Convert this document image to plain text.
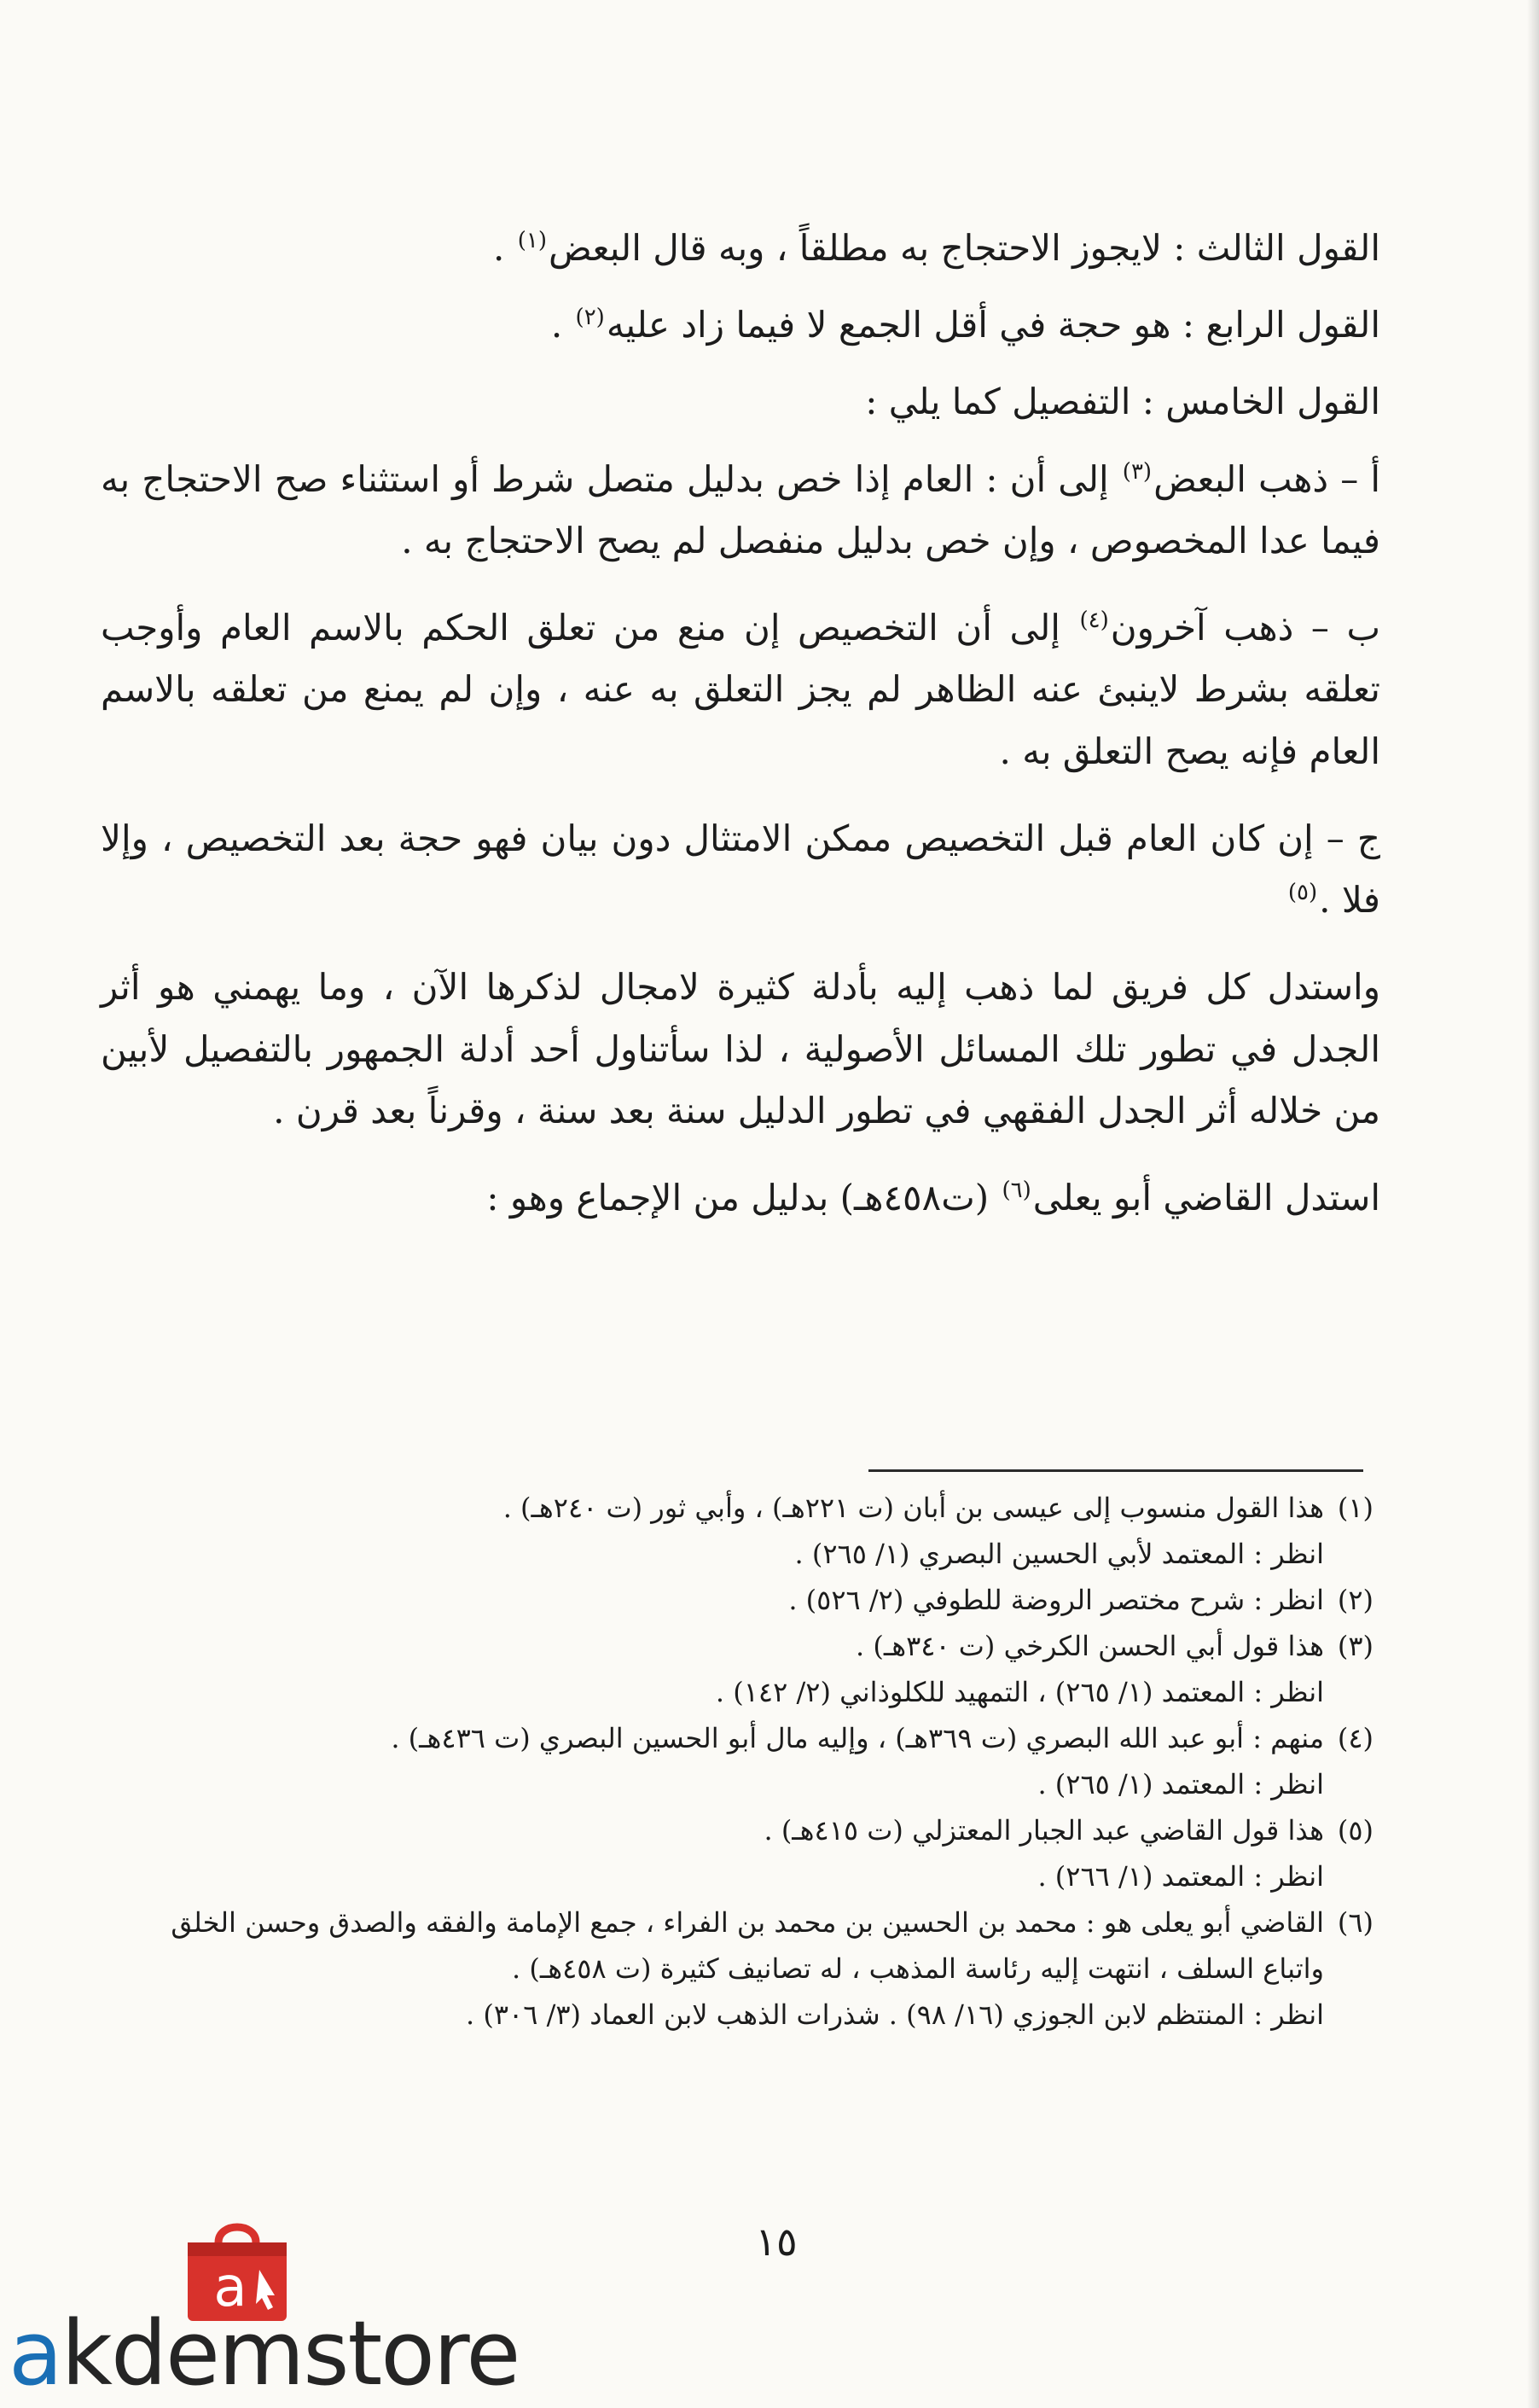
القول الثالث : لايجوز الاحتجاج به مطلقاً ، وبه قال البعض$^{(١)}$ .

القول الرابع : هو حجة في أقل الجمع لا فيما زاد عليه$^{(٢)}$ .

القول الخامس : التفصيل كما يلي :

أ – ذهب البعض$^{(٣)}$ إلى أن : العام إذا خص بدليل متصل شرط أو استثناء صح الاحتجاج به فيما عدا المخصوص ، وإن خص بدليل منفصل لم يصح الاحتجاج به .

ب – ذهب آخرون$^{(٤)}$ إلى أن التخصيص إن منع من تعلق الحكم بالاسم العام وأوجب تعلقه بشرط لاينبئ عنه الظاهر لم يجز التعلق به عنه ، وإن لم يمنع من تعلقه بالاسم العام فإنه يصح التعلق به .

ج – إن كان العام قبل التخصيص ممكن الامتثال دون بيان فهو حجة بعد التخصيص ، وإلا فلا .$^{(٥)}$

واستدل كل فريق لما ذهب إليه بأدلة كثيرة لامجال لذكرها الآن ، وما يهمني هو أثر الجدل في تطور تلك المسائل الأصولية ، لذا سأتناول أحد أدلة الجمهور بالتفصيل لأبين من خلاله أثر الجدل الفقهي في تطور الدليل سنة بعد سنة ، وقرناً بعد قرن .

استدل القاضي أبو يعلى$^{(٦)}$ (ت٤٥٨هـ) بدليل من الإجماع وهو :

(١)هذا القول منسوب إلى عيسى بن أبان (ت ٢٢١هـ) ، وأبي ثور (ت ٢٤٠هـ) .
انظر : المعتمد لأبي الحسين البصري (١/ ٢٦٥) .
(٢)انظر : شرح مختصر الروضة للطوفي (٢/ ٥٢٦) .
(٣)هذا قول أبي الحسن الكرخي (ت ٣٤٠هـ) .
انظر : المعتمد (١/ ٢٦٥) ، التمهيد للكلوذاني (٢/ ١٤٢) .
(٤)منهم : أبو عبد الله البصري (ت ٣٦٩هـ) ، وإليه مال أبو الحسين البصري (ت ٤٣٦هـ) .
انظر : المعتمد (١/ ٢٦٥) .
(٥)هذا قول القاضي عبد الجبار المعتزلي (ت ٤١٥هـ) .
انظر : المعتمد (١/ ٢٦٦) .
(٦)القاضي أبو يعلى هو : محمد بن الحسين بن محمد بن الفراء ، جمع الإمامة والفقه والصدق وحسن الخلق
واتباع السلف ، انتهت إليه رئاسة المذهب ، له تصانيف كثيرة (ت ٤٥٨هـ) .
انظر : المنتظم لابن الجوزي (١٦/ ٩٨) . شذرات الذهب لابن العماد (٣/ ٣٠٦) .
١٥
a
akdemstore
